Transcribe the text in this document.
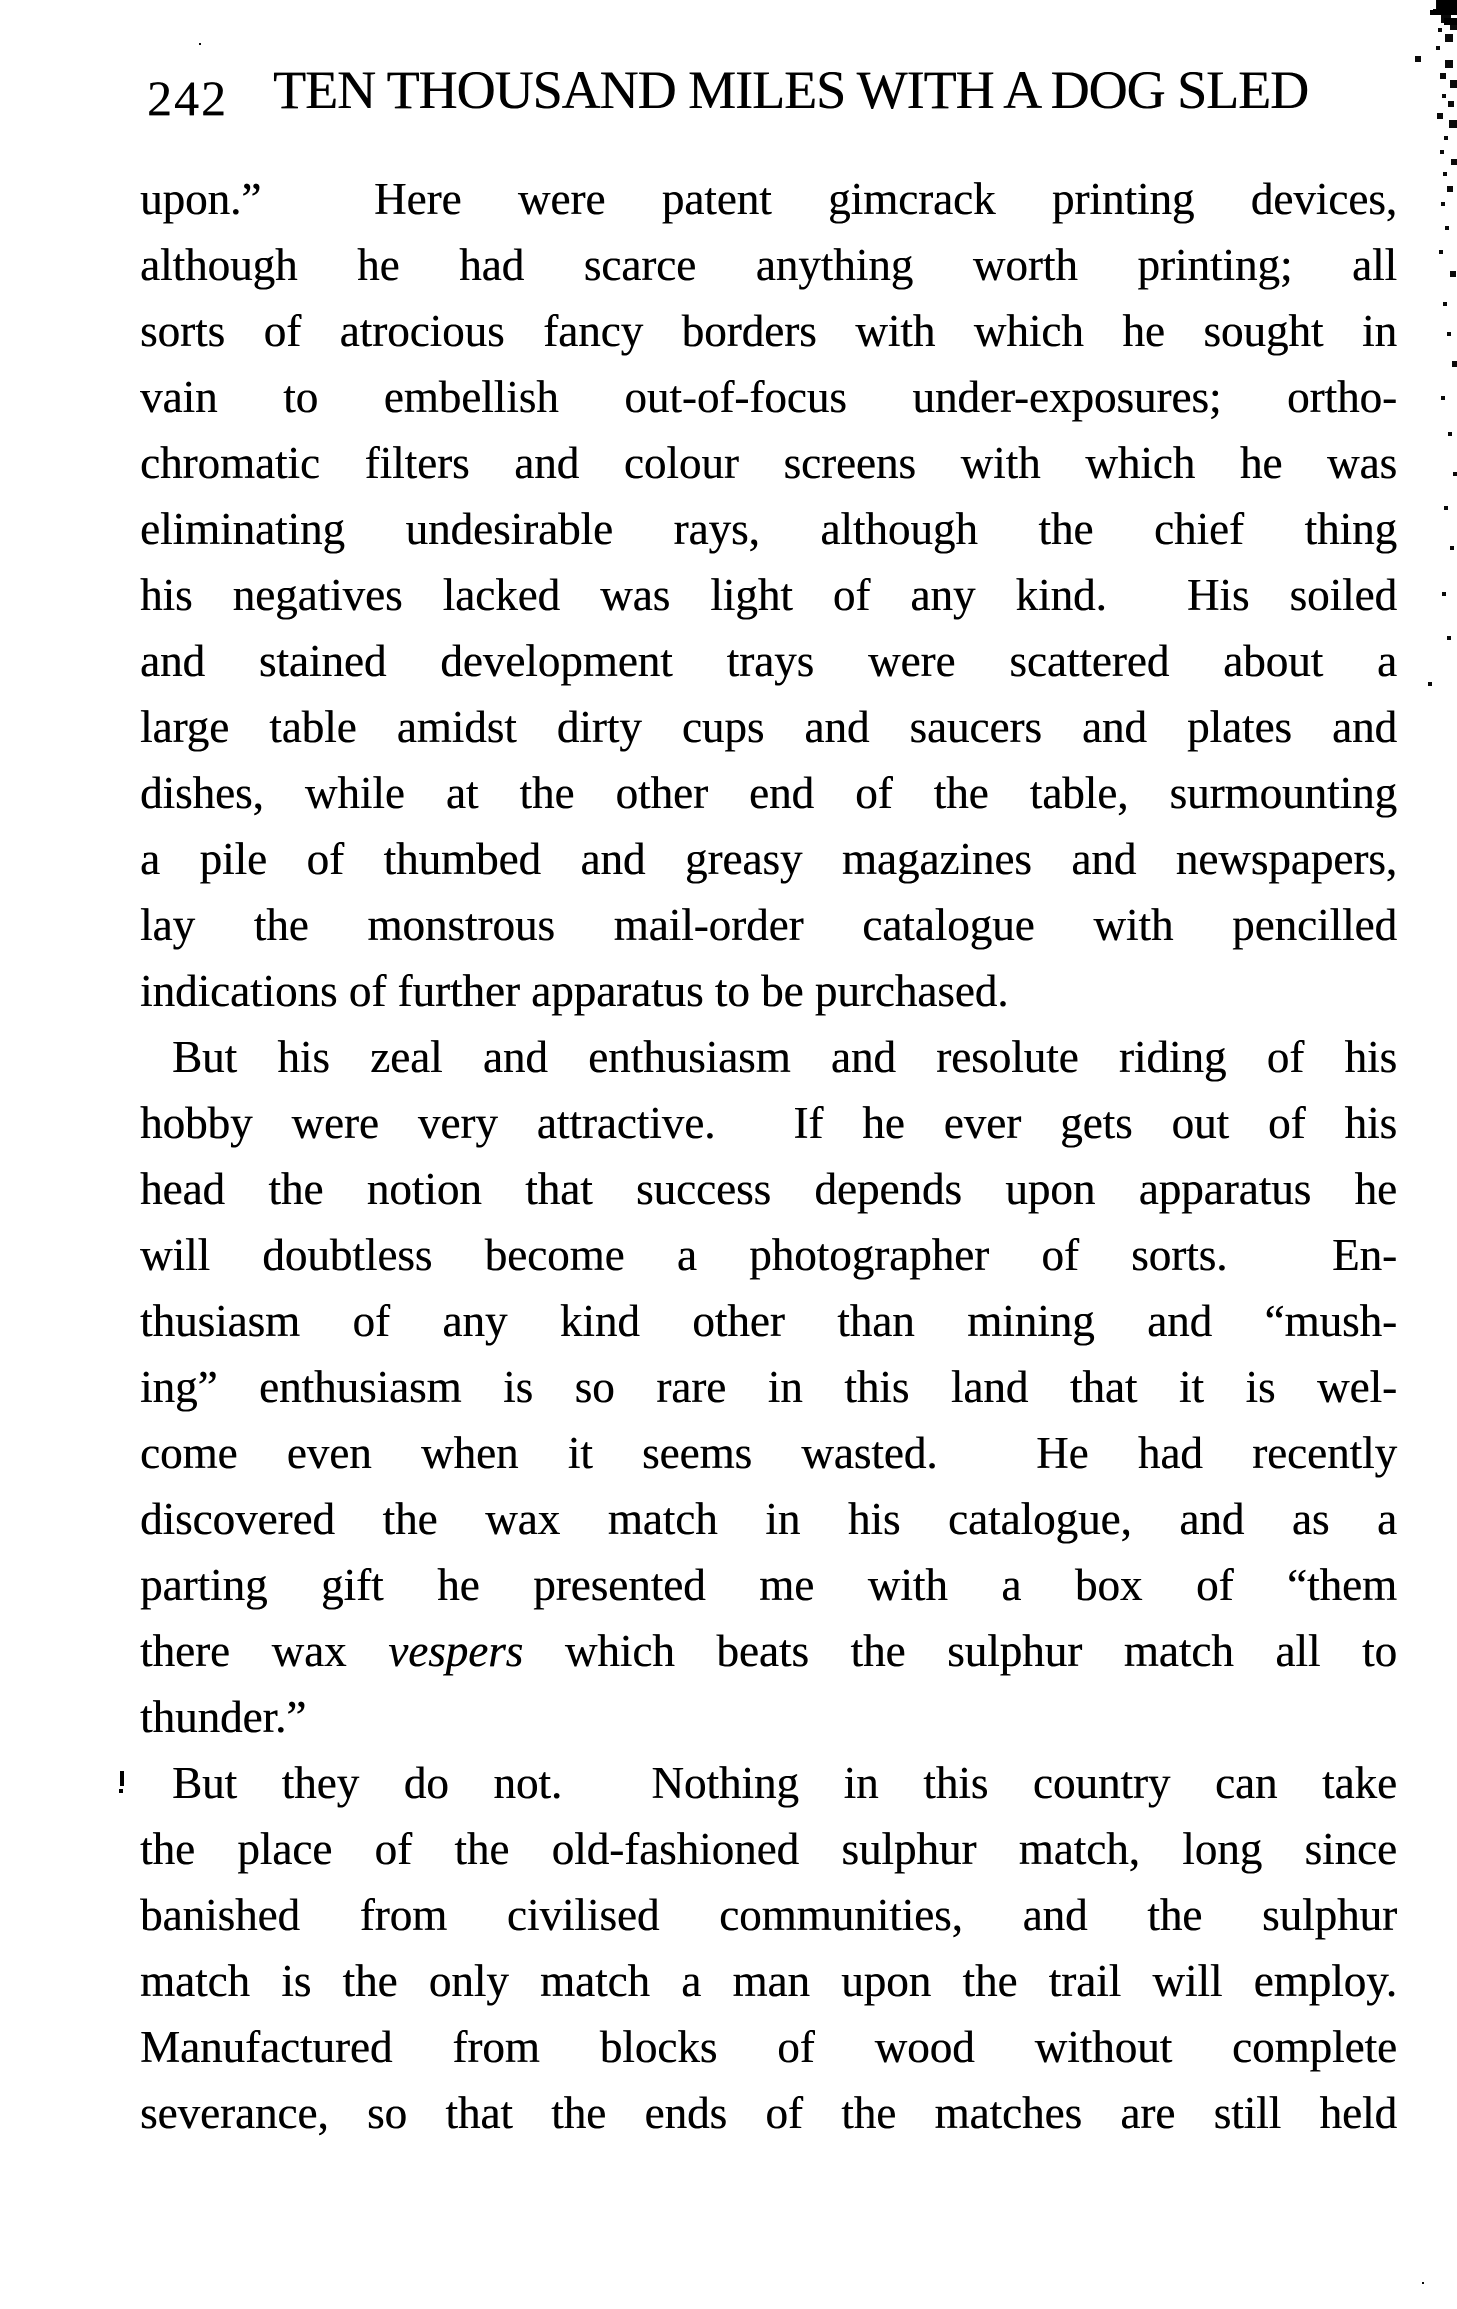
242 TEN THOUSAND MILES WITH A DOG SLED
upon.”  Here were patent gimcrack printing devices,
although he had scarce anything worth printing; all
sorts of atrocious fancy borders with which he sought in
vain to embellish out-of-focus under-exposures; ortho-
chromatic filters and colour screens with which he was
eliminating undesirable rays, although the chief thing
his negatives lacked was light of any kind.  His soiled
and stained development trays were scattered about a
large table amidst dirty cups and saucers and plates and
dishes, while at the other end of the table, surmounting
a pile of thumbed and greasy magazines and newspapers,
lay the monstrous mail-order catalogue with pencilled
indications of further apparatus to be purchased.
But his zeal and enthusiasm and resolute riding of his
hobby were very attractive.  If he ever gets out of his
head the notion that success depends upon apparatus he
will doubtless become a photographer of sorts.  En-
thusiasm of any kind other than mining and “mush-
ing” enthusiasm is so rare in this land that it is wel-
come even when it seems wasted.  He had recently
discovered the wax match in his catalogue, and as a
parting gift he presented me with a box of “them
there wax vespers which beats the sulphur match all to
thunder.”
But they do not.  Nothing in this country can take
the place of the old-fashioned sulphur match, long since
banished from civilised communities, and the sulphur
match is the only match a man upon the trail will employ.
Manufactured from blocks of wood without complete
severance, so that the ends of the matches are still held
